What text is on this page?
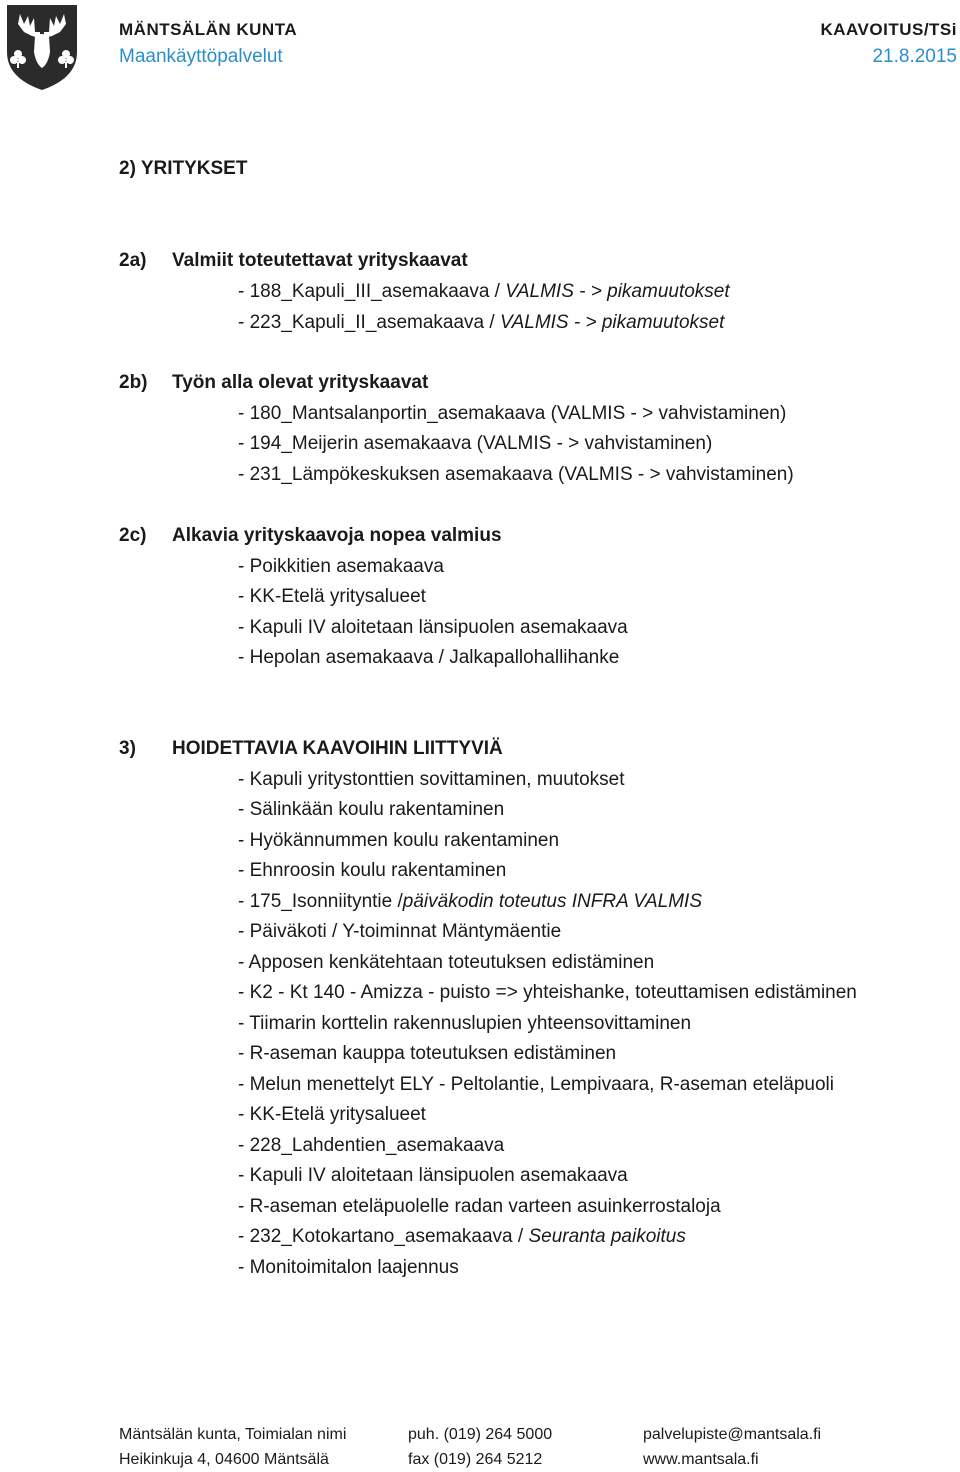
MÄNTSÄLÄN KUNTA
Maankäyttöpalvelut
KAAVOITUS/TSi
21.8.2015
2) YRITYKSET
2a) Valmiit toteutettavat yrityskaavat
- 188_Kapuli_III_asemakaava / VALMIS - > pikamuutokset
- 223_Kapuli_II_asemakaava / VALMIS - > pikamuutokset
2b) Työn alla olevat yrityskaavat
- 180_Mantsalanportin_asemakaava (VALMIS - > vahvistaminen)
- 194_Meijerin asemakaava (VALMIS - > vahvistaminen)
- 231_Lämpökeskuksen asemakaava (VALMIS - > vahvistaminen)
2c) Alkavia yrityskaavoja nopea valmius
- Poikkitien asemakaava
- KK-Etelä yritysalueet
- Kapuli IV aloitetaan länsipuolen asemakaava
- Hepolan asemakaava / Jalkapallohallihanke
3) HOIDETTAVIA KAAVOIHIN LIITTYVIÄ
- Kapuli yritystonttien sovittaminen, muutokset
- Sälinkään koulu rakentaminen
- Hyökännummen koulu rakentaminen
- Ehnroosin koulu rakentaminen
- 175_Isonniityntie /päiväkodin toteutus INFRA VALMIS
- Päiväkoti / Y-toiminnat Mäntymäentie
- Apposen kenkätehtaan toteutuksen edistäminen
- K2 - Kt 140 - Amizza - puisto => yhteishanke, toteuttamisen edistäminen
- Tiimarin korttelin rakennuslupien yhteensovittaminen
- R-aseman kauppa toteutuksen edistäminen
- Melun menettelyt ELY - Peltolantie, Lempivaara, R-aseman eteläpuoli
- KK-Etelä yritysalueet
- 228_Lahdentien_asemakaava
- Kapuli IV aloitetaan länsipuolen asemakaava
- R-aseman eteläpuolelle radan varteen asuinkerrostaloja
- 232_Kotokartano_asemakaava / Seuranta paikoitus
- Monitoimitalon laajennus
Mäntsälän kunta, Toimialan nimi
Heikinkuja 4, 04600 Mäntsälä
puh. (019) 264 5000
fax (019) 264 5212
palvelupiste@mantsala.fi
www.mantsala.fi
